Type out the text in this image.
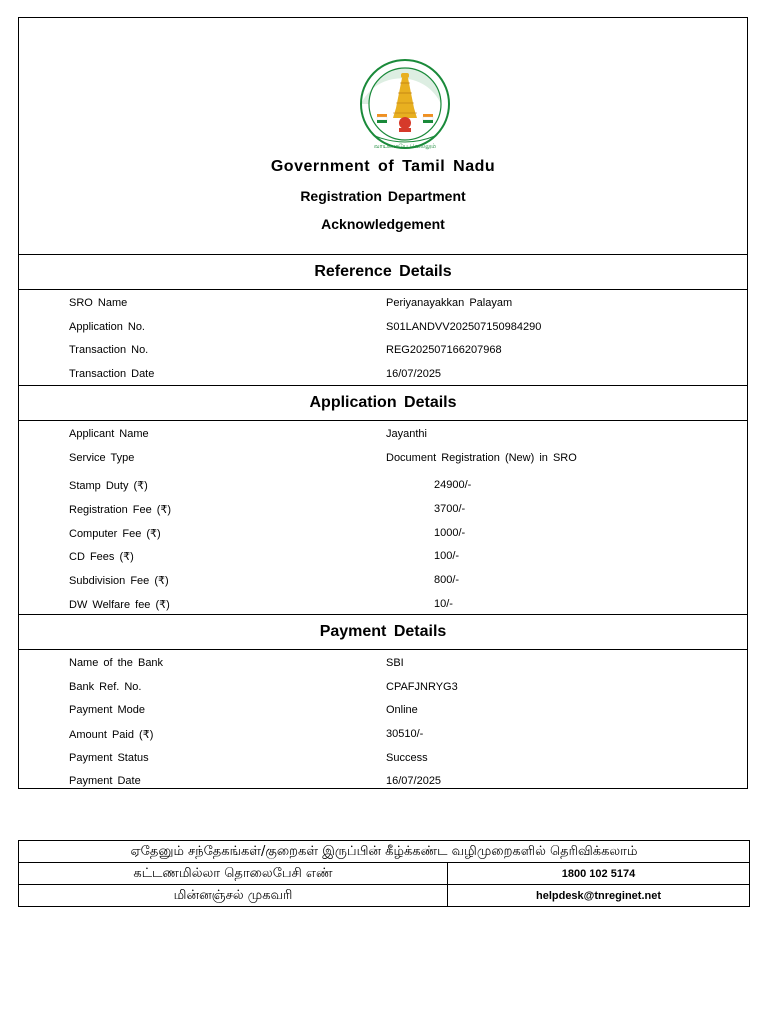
வாய்மையே வெல்லும்
Government of Tamil Nadu
Registration Department
Acknowledgement
Reference Details
SRO Name	Periyanayakkan Palayam
Application No.	S01LANDVV202507150984290
Transaction No.	REG202507166207968
Transaction Date	16/07/2025
Application Details
Applicant Name	Jayanthi
Service Type	Document Registration (New) in SRO
Stamp Duty (₹)	24900/-
Registration Fee (₹)	3700/-
Computer Fee (₹)	1000/-
CD Fees (₹)	100/-
Subdivision Fee (₹)	800/-
DW Welfare fee (₹)	10/-
Payment Details
Name of the Bank	SBI
Bank Ref. No.	CPAFJNRYG3
Payment Mode	Online
Amount Paid (₹)	30510/-
Payment Status	Success
Payment Date	16/07/2025
ஏதேனும் சந்தேகங்கள்/குறைகள் இருப்பின் கீழ்க்கண்ட வழிமுறைகளில் தெரிவிக்கலாம்	
கட்டணமில்லா தொலைபேசி எண்	1800 102 5174
மின்னஞ்சல் முகவரி	helpdesk@tnreginet.net
